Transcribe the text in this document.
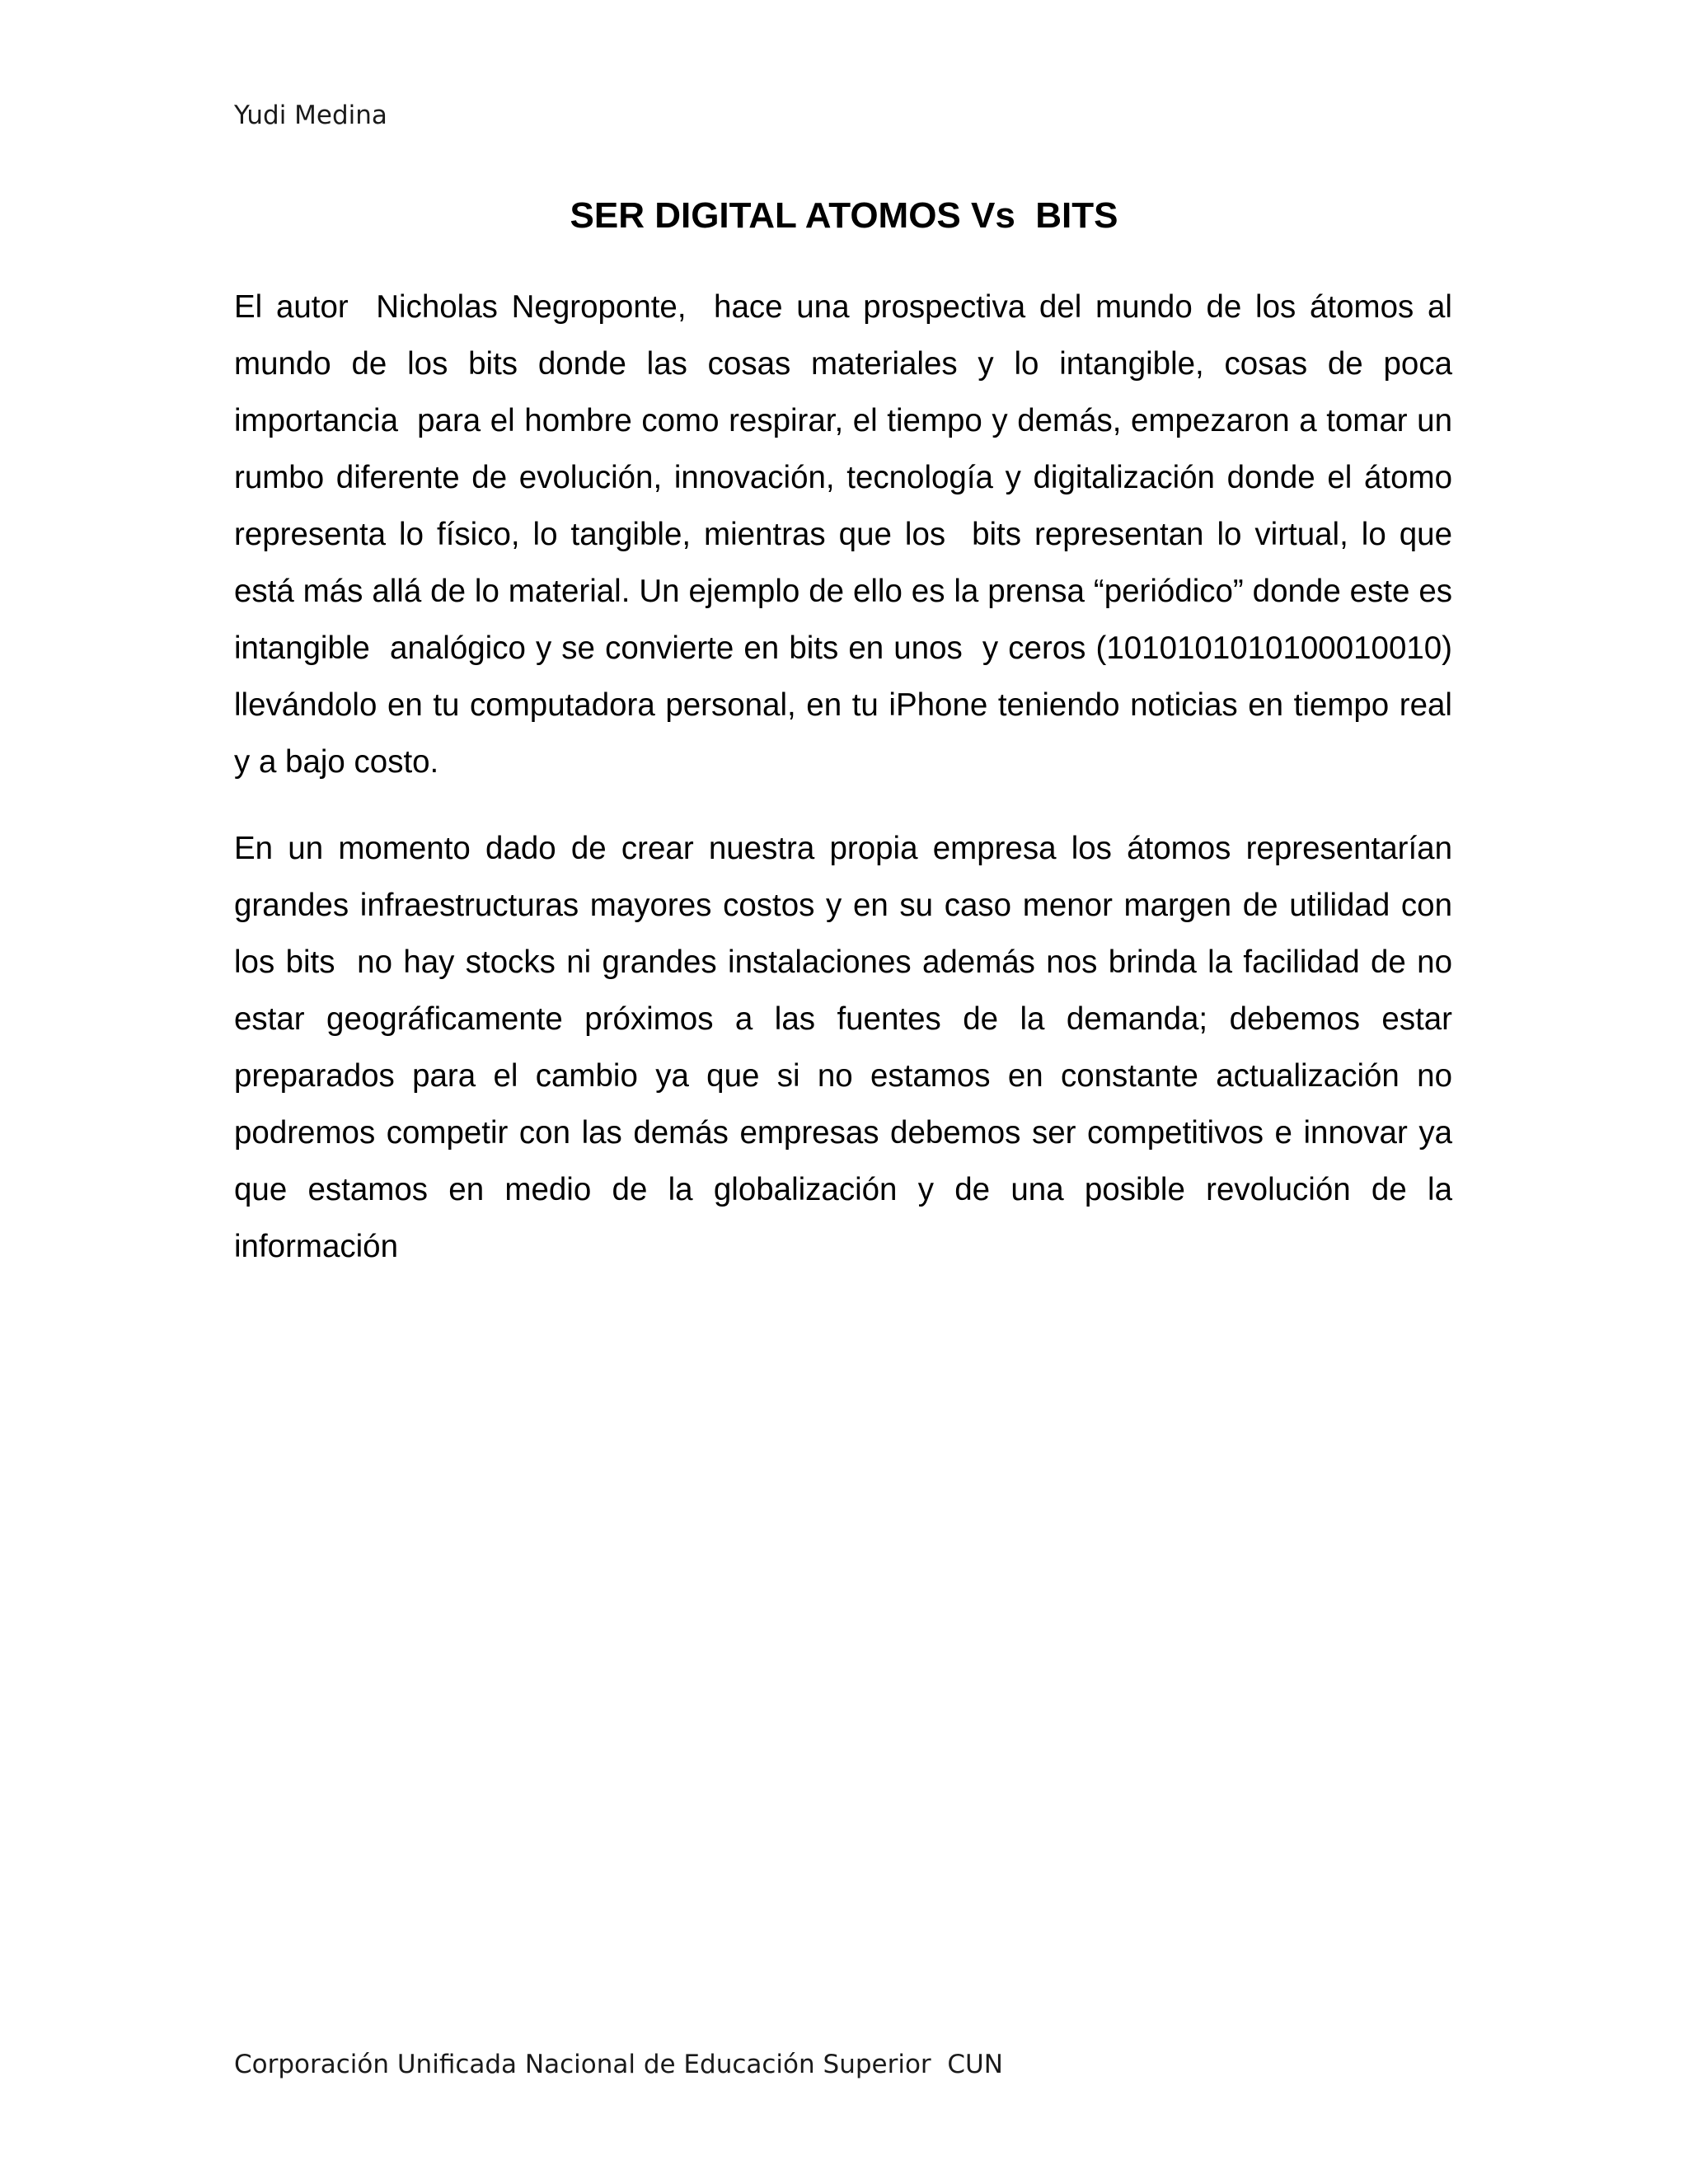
Yudi Medina
SER DIGITAL ATOMOS Vs  BITS

El autor  Nicholas Negroponte,  hace una prospectiva del mundo de los átomos al mundo de los bits donde las cosas materiales y lo intangible, cosas de poca importancia  para el hombre como respirar, el tiempo y demás, empezaron a tomar un rumbo diferente de evolución, innovación, tecnología y digitalización donde el átomo representa lo físico, lo tangible, mientras que los  bits representan lo virtual, lo que está más allá de lo material. Un ejemplo de ello es la prensa “periódico” donde este es intangible  analógico y se convierte en bits en unos  y ceros (1010101010100010010) llevándolo en tu computadora personal, en tu iPhone teniendo noticias en tiempo real y a bajo costo.

En un momento dado de crear nuestra propia empresa los átomos representarían grandes infraestructuras mayores costos y en su caso menor margen de utilidad con los bits  no hay stocks ni grandes instalaciones además nos brinda la facilidad de no estar geográficamente próximos a las fuentes de la demanda; debemos estar preparados para el cambio ya que si no estamos en constante actualización no podremos competir con las demás empresas debemos ser competitivos e innovar ya que estamos en medio de la globalización y de una posible revolución de la información

Corporación Unificada Nacional de Educación Superior  CUN
